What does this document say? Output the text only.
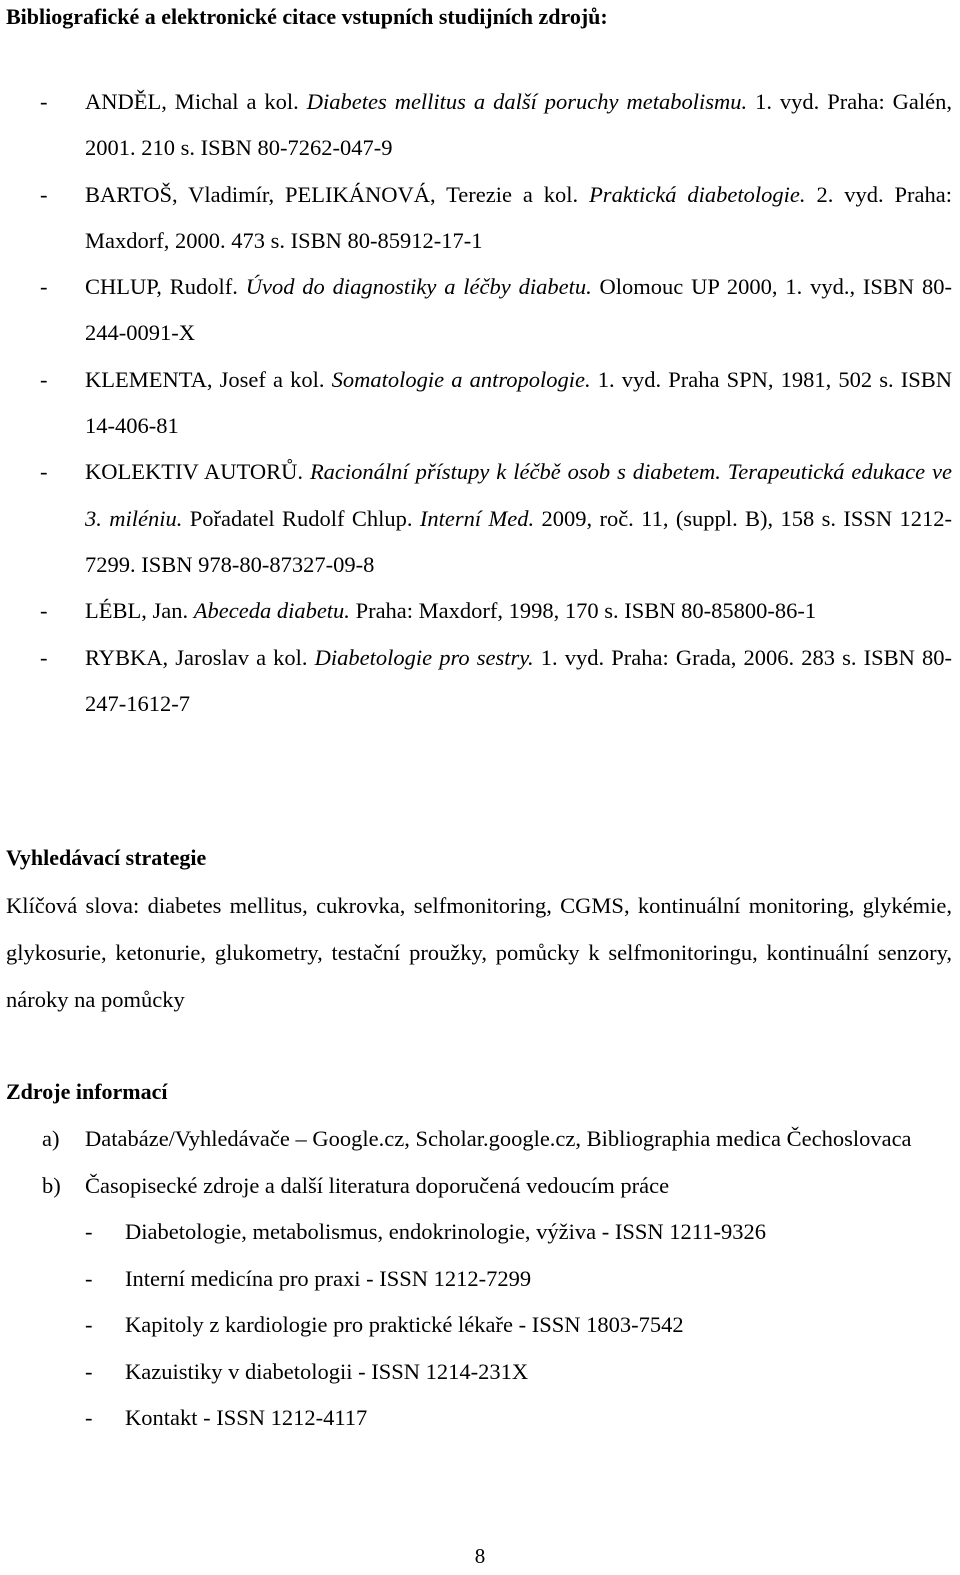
Bibliografické a elektronické citace vstupních studijních zdrojů:
- ANDĚL, Michal a kol. Diabetes mellitus a další poruchy metabolismu. 1. vyd. Praha: Galén, 2001. 210 s. ISBN 80-7262-047-9
- BARTOŠ, Vladimír, PELIKÁNOVÁ, Terezie a kol. Praktická diabetologie. 2. vyd. Praha: Maxdorf, 2000. 473 s. ISBN 80-85912-17-1
- CHLUP, Rudolf. Úvod do diagnostiky a léčby diabetu. Olomouc UP 2000, 1. vyd., ISBN 80-244-0091-X
- KLEMENTA, Josef a kol. Somatologie a antropologie. 1. vyd. Praha SPN, 1981, 502 s. ISBN 14-406-81
- KOLEKTIV AUTORŮ. Racionální přístupy k léčbě osob s diabetem. Terapeutická edukace ve 3. miléniu. Pořadatel Rudolf Chlup. Interní Med. 2009, roč. 11, (suppl. B), 158 s. ISSN 1212-7299. ISBN 978-80-87327-09-8
- LÉBL, Jan. Abeceda diabetu. Praha: Maxdorf, 1998, 170 s. ISBN 80-85800-86-1
- RYBKA, Jaroslav a kol. Diabetologie pro sestry. 1. vyd. Praha: Grada, 2006. 283 s. ISBN 80-247-1612-7
Vyhledávací strategie

Klíčová slova: diabetes mellitus, cukrovka, selfmonitoring, CGMS, kontinuální monitoring, glykémie, glykosurie, ketonurie, glukometry, testační proužky, pomůcky k selfmonitoringu, kontinuální senzory, nároky na pomůcky

Zdroje informací
a) Databáze/Vyhledávače – Google.cz, Scholar.google.cz, Bibliographia medica Čechoslovaca
b) Časopisecké zdroje a další literatura doporučená vedoucím práce
- Diabetologie, metabolismus, endokrinologie, výživa - ISSN 1211-9326
- Interní medicína pro praxi - ISSN 1212-7299
- Kapitoly z kardiologie pro praktické lékaře - ISSN 1803-7542
- Kazuistiky v diabetologii - ISSN 1214-231X
- Kontakt - ISSN 1212-4117
8
